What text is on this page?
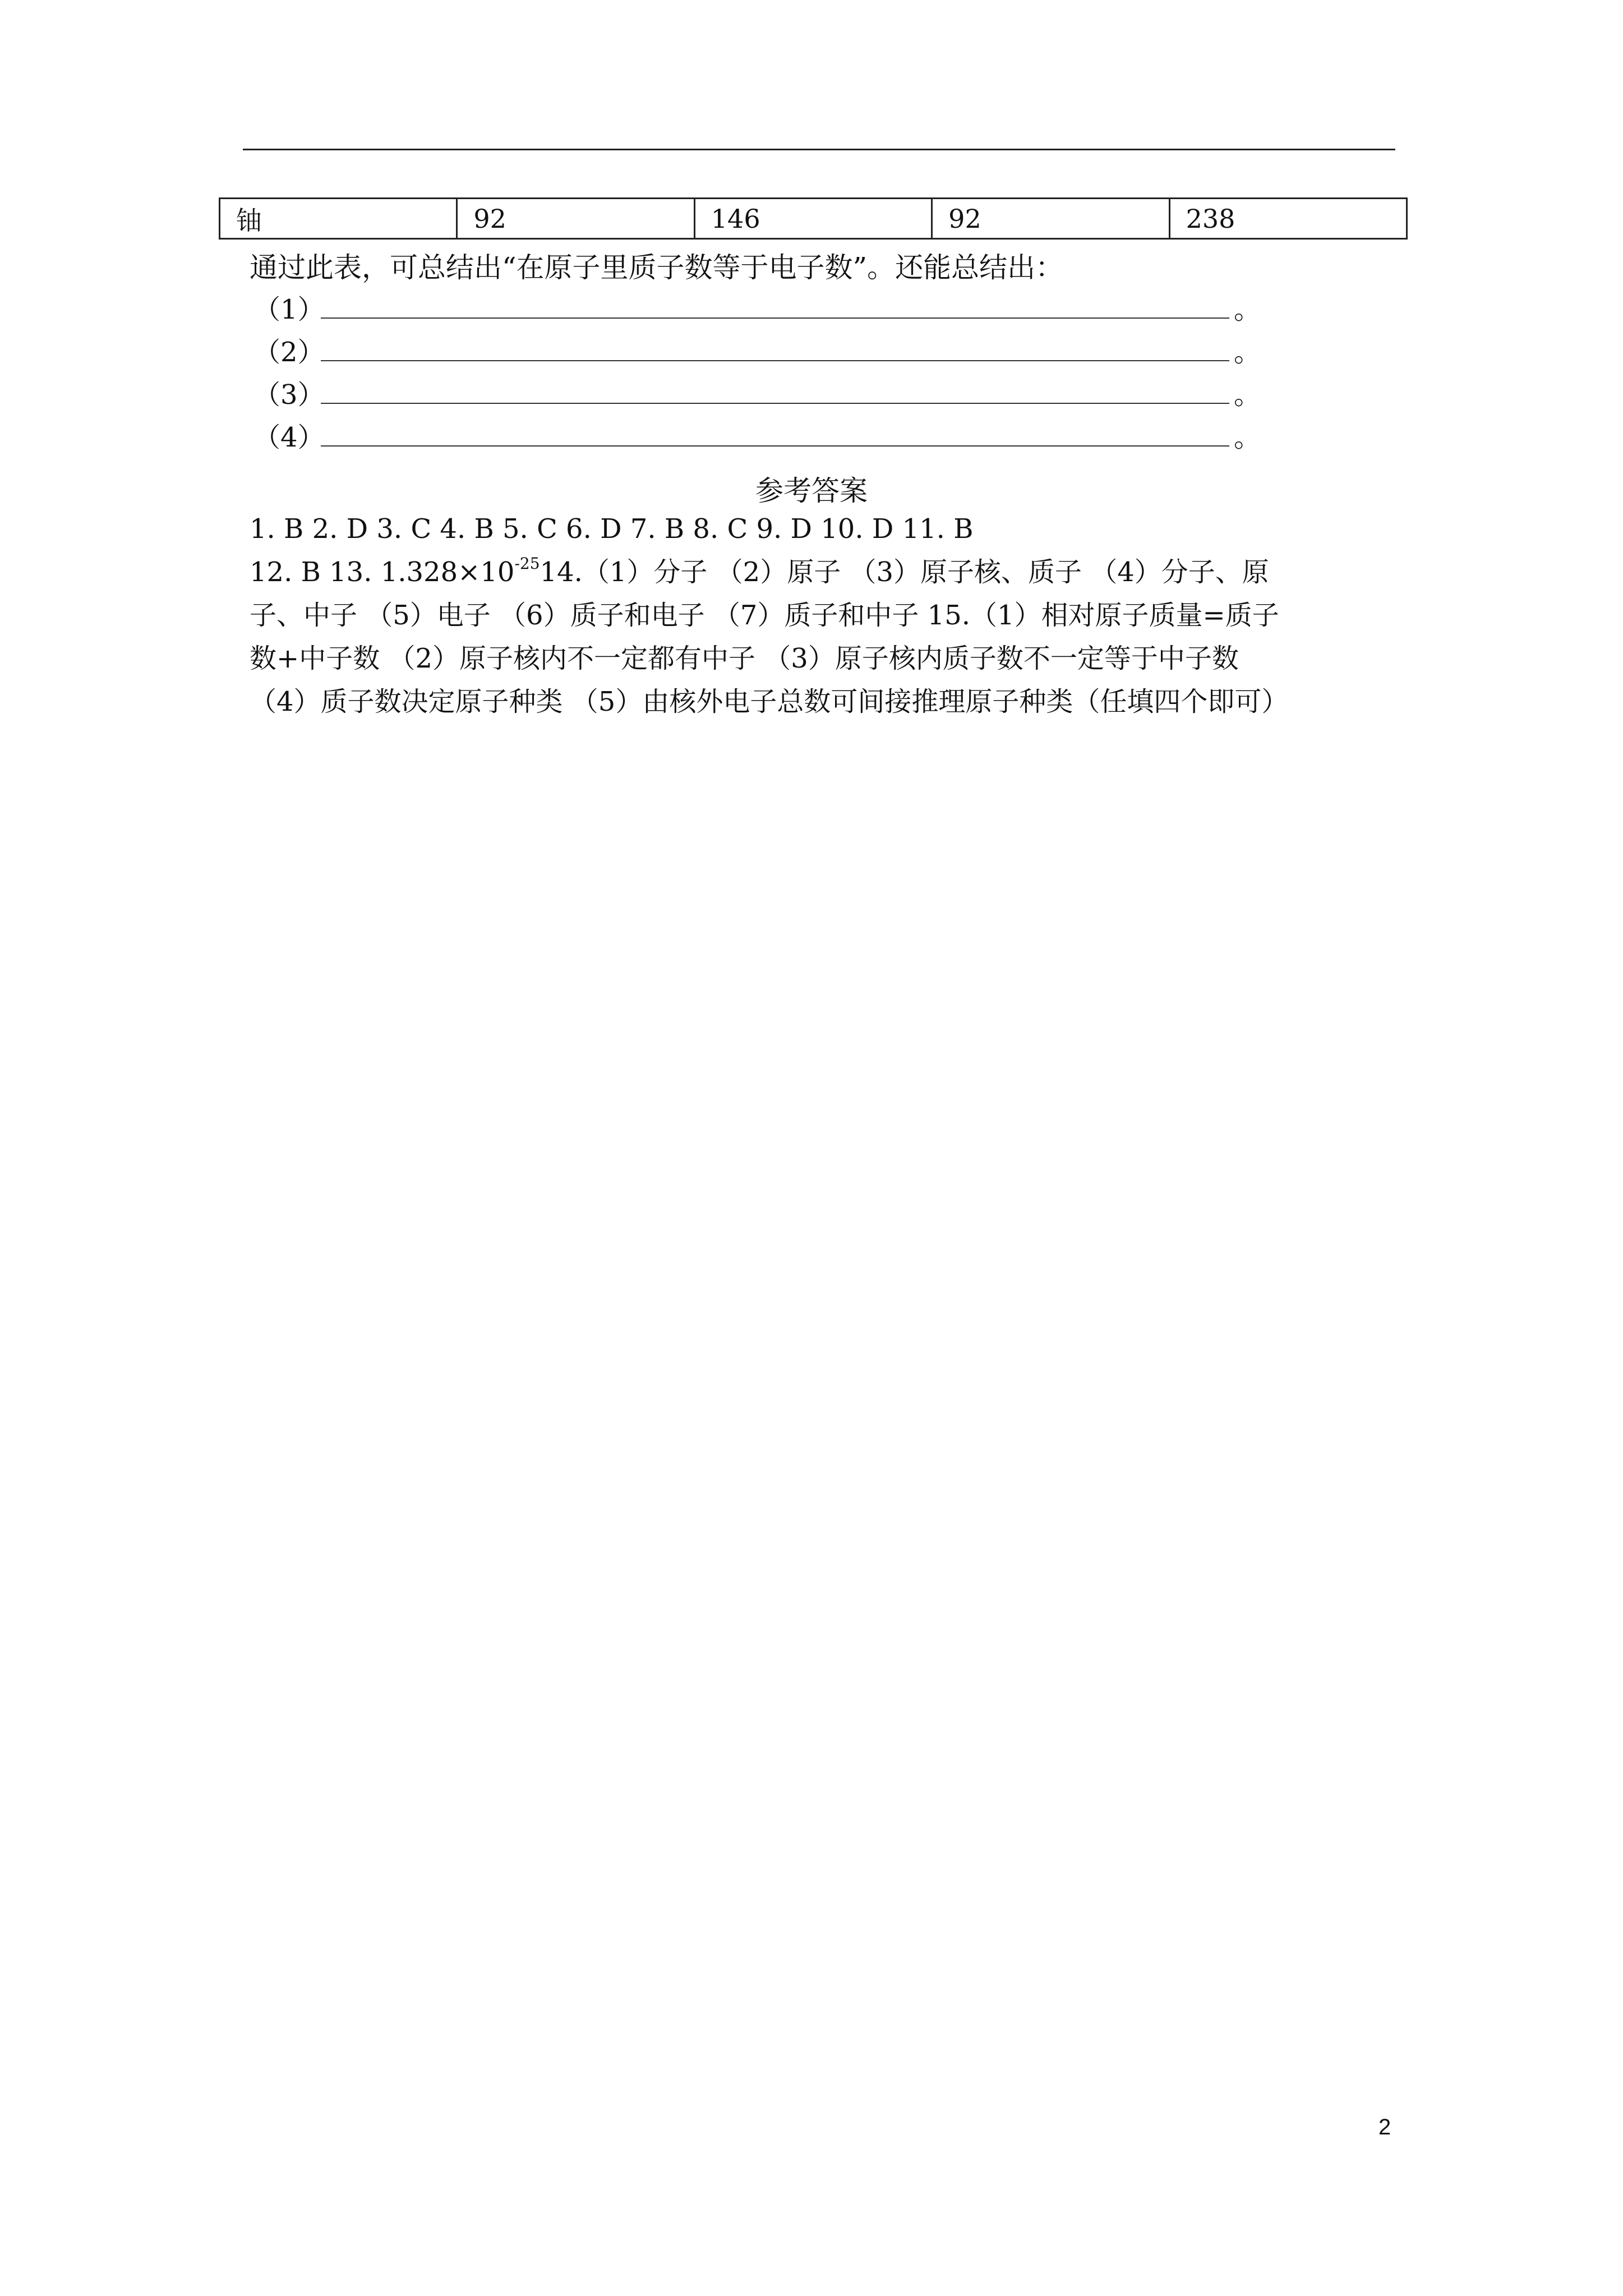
铀	92	146	92	238
通过此表，可总结出“在原子里质子数等于电子数”。还能总结出：
（1）	。
（2）	。
（3）	。
（4）	。
参考答案

1. B 2. D 3. C 4. B 5. C 6. D 7. B 8. C 9. D 10. D 11. B

12. B 13. $1.328\times 10^{-25}14.(1)$分子 （2）原子 （3）原子核、质子 （4）分子、原

子、中子 （5）电子 （6）质子和电子 （7）质子和中子 15.（1）相对原子质量=质子

数+中子数 （2）原子核内不一定都有中子 （3）原子核内质子数不一定等于中子数

（4）质子数决定原子种类 （5）由核外电子总数可间接推理原子种类（任填四个即可）

2
